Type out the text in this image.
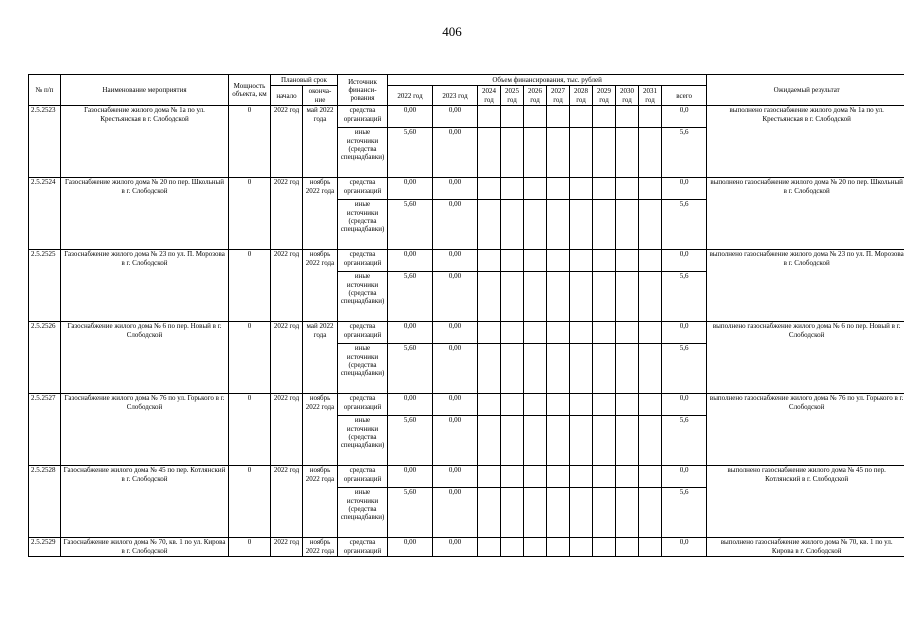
406
№ п/п	Наименование мероприятия	Мощность объекта, км	Плановый срок		Источник финанси-рования	Объем финансирования, тыс. рублей											Ожидаемый результат
			начало	оконча-ние		2022 год	2023 год	2024 год	2025 год	2026 год	2027 год	2028 год	2029 год	2030 год	2031 год	всего	

2.5.2523	Газоснабжение жилого дома № 1а по ул. Крестьянская в г. Слободской	0	2022 год	май 2022 года	средства организаций	0,00	0,00									0,0	выполнено газоснабжение жилого дома № 1а по ул. Крестьянская в г. Слободской
					иные источники (средства спецнадбавки)	5,60	0,00									5,6	
2.5.2524	Газоснабжение жилого дома № 20 по пер. Школьный в г. Слободской	0	2022 год	ноябрь 2022 года	средства организаций	0,00	0,00									0,0	выполнено газоснабжение жилого дома № 20 по пер. Школьный в г. Слободской
					иные источники (средства спецнадбавки)	5,60	0,00									5,6	
2.5.2525	Газоснабжение жилого дома № 23 по ул. П. Морозова в г. Слободской	0	2022 год	ноябрь 2022 года	средства организаций	0,00	0,00									0,0	выполнено газоснабжение жилого дома № 23 по ул. П. Морозова в г. Слободской
					иные источники (средства спецнадбавки)	5,60	0,00									5,6	
2.5.2526	Газоснабжение жилого дома № 6 по пер. Новый в г. Слободской	0	2022 год	май 2022 года	средства организаций	0,00	0,00									0,0	выполнено газоснабжение жилого дома № 6 по пер. Новый в г. Слободской
					иные источники (средства спецнадбавки)	5,60	0,00									5,6	
2.5.2527	Газоснабжение жилого дома № 76 по ул. Горького в г. Слободской	0	2022 год	ноябрь 2022 года	средства организаций	0,00	0,00									0,0	выполнено газоснабжение жилого дома № 76 по ул. Горького в г. Слободской
					иные источники (средства спецнадбавки)	5,60	0,00									5,6	
2.5.2528	Газоснабжение жилого дома № 45 по пер. Котлянский в г. Слободской	0	2022 год	ноябрь 2022 года	средства организаций	0,00	0,00									0,0	выполнено газоснабжение жилого дома № 45 по пер. Котлянский в г. Слободской
					иные источники (средства спецнадбавки)	5,60	0,00									5,6	
2.5.2529	Газоснабжение жилого дома № 70, кв. 1 по ул. Кирова в г. Слободской	0	2022 год	ноябрь 2022 года	средства организаций	0,00	0,00									0,0	выполнено газоснабжение жилого дома № 70, кв. 1 по ул. Кирова в г. Слободской
